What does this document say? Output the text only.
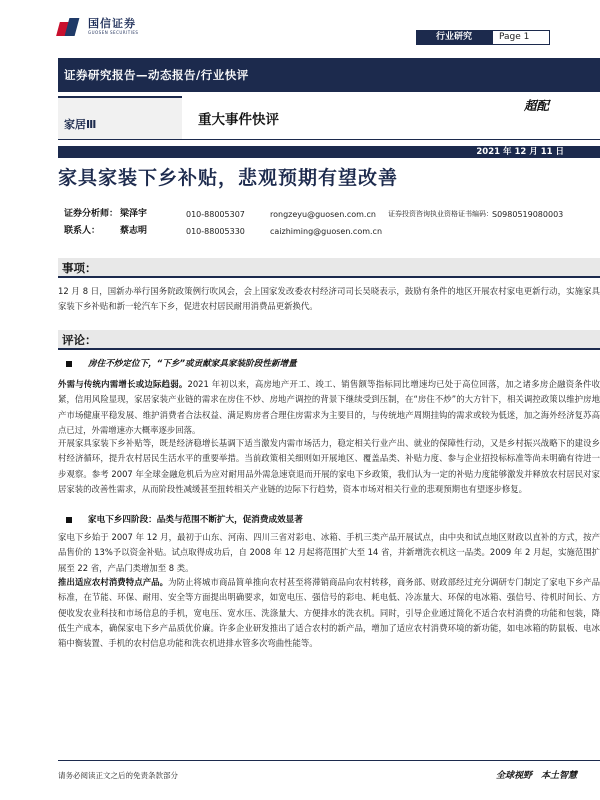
国信证券
GUOSEN SECURITIES	行业研究	Page 1
证券研究报告—动态报告/行业快评
家居Ⅲ	重大事件快评
超配
2021 年 12 月 11 日
家具家装下乡补贴，悲观预期有望改善
证券分析师： 梁泽宇	010-88005307	rongzeyu@guosen.com.cn 证券投资咨询执业资格证书编码： S0980519080003
联系人： 蔡志明	010-88005330	caizhiming@guosen.com.cn
事项：
12 月 8 日，国新办举行国务院政策例行吹风会，会上国家发改委农村经济司司长吴晓表示，鼓励有条件的地区开展农村家电更新行动，实施家具家装下乡补贴和新一轮汽车下乡，促进农村居民耐用消费品更新换代。
评论：
房住不炒定位下，“下乡”或贡献家具家装阶段性新增量
外需与传统内需增长或边际趋弱。2021 年初以来，高房地产开工、竣工、销售额等指标同比增速均已处于高位回落，加之诸多房企融资条件收紧，信用风险显现，家居家装产业链的需求在房住不炒、房地产调控的背景下继续受到压制，在“房住不炒”的大方针下，相关调控政策以维护房地产市场健康平稳发展、维护消费者合法权益、满足购房者合理住房需求为主要目的，与传统地产周期挂钩的需求或较为低迷，加之海外经济复苏高点已过，外需增速亦大概率逐步回落。
开展家具家装下乡补贴等，既是经济稳增长基调下适当激发内需市场活力，稳定相关行业产出、就业的保障性行动，又是乡村振兴战略下的建设乡村经济循环，提升农村居民生活水平的重要举措。当前政策相关细则如开展地区、覆盖品类、补贴力度、参与企业招投标标准等尚未明确有待进一步观察。参考 2007 年全球金融危机后为应对耐用品外需急速衰退而开展的家电下乡政策，我们认为一定的补贴力度能够激发并释放农村居民对家居家装的改善性需求，从而阶段性减缓甚至扭转相关产业链的边际下行趋势，资本市场对相关行业的悲观预期也有望逐步修复。
家电下乡四阶段：品类与范围不断扩大，促消费成效显著
家电下乡始于 2007 年 12 月，最初于山东、河南、四川三省对彩电、冰箱、手机三类产品开展试点，由中央和试点地区财政以直补的方式，按产品售价的 13%予以资金补贴。试点取得成功后，自 2008 年 12 月起将范围扩大至 14 省，并新增洗衣机这一品类。2009 年 2 月起，实施范围扩展至 22 省，产品门类增加至 8 类。
推出适应农村消费特点产品。为防止将城市商品简单推向农村甚至将滞销商品向农村转移，商务部、财政部经过充分调研专门制定了家电下乡产品标准，在节能、环保、耐用、安全等方面提出明确要求，如宽电压、强信号的彩电、耗电低、冷冻量大、环保的电冰箱、强信号、待机时间长、方便收发农业科技和市场信息的手机，宽电压、宽水压、洗涤量大、方便排水的洗衣机。同时，引导企业通过简化不适合农村消费的功能和包装，降低生产成本，确保家电下乡产品质优价廉。许多企业研发推出了适合农村的新产品，增加了适应农村消费环境的新功能，如电冰箱的防鼠板、电冰箱中衡装置、手机的农村信息功能和洗衣机进排水管多次弯曲性能等。
请务必阅读正文之后的免责条款部分	全球视野　本土智慧
